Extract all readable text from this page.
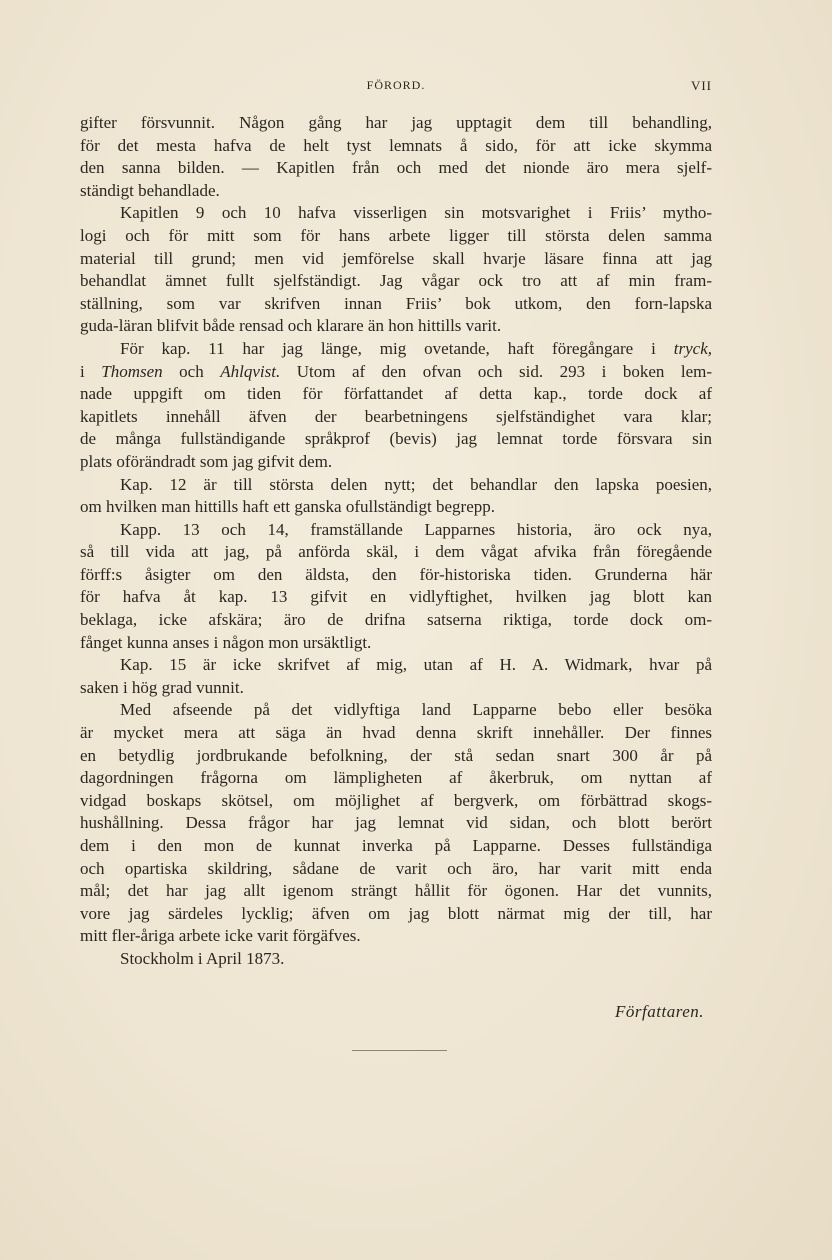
FÖRORD.	VII
gifter försvunnit. Någon gång har jag upptagit dem till behandling,
för det mesta hafva de helt tyst lemnats å sido, för att icke skymma
den sanna bilden. — Kapitlen från och med det nionde äro mera sjelf-
ständigt behandlade.
Kapitlen 9 och 10 hafva visserligen sin motsvarighet i Friis’ mytho-
logi och för mitt som för hans arbete ligger till största delen samma
material till grund; men vid jemförelse skall hvarje läsare finna att jag
behandlat ämnet fullt sjelfständigt. Jag vågar ock tro att af min fram-
ställning, som var skrifven innan Friis’ bok utkom, den forn-lapska
guda-läran blifvit både rensad och klarare än hon hittills varit.
För kap. 11 har jag länge, mig ovetande, haft föregångare i tryck,
i Thomsen och Ahlqvist. Utom af den ofvan och sid. 293 i boken lem-
nade uppgift om tiden för författandet af detta kap., torde dock af
kapitlets innehåll äfven der bearbetningens sjelfständighet vara klar;
de många fullständigande språkprof (bevis) jag lemnat torde försvara sin
plats oförändradt som jag gifvit dem.
Kap. 12 är till största delen nytt; det behandlar den lapska poesien,
om hvilken man hittills haft ett ganska ofullständigt begrepp.
Kapp. 13 och 14, framställande Lapparnes historia, äro ock nya,
så till vida att jag, på anförda skäl, i dem vågat afvika från föregående
förff:s åsigter om den äldsta, den för-historiska tiden. Grunderna här
för hafva åt kap. 13 gifvit en vidlyftighet, hvilken jag blott kan
beklaga, icke afskära; äro de drifna satserna riktiga, torde dock om-
fånget kunna anses i någon mon ursäktligt.
Kap. 15 är icke skrifvet af mig, utan af H. A. Widmark, hvar på
saken i hög grad vunnit.
Med afseende på det vidlyftiga land Lapparne bebo eller besöka
är mycket mera att säga än hvad denna skrift innehåller. Der finnes
en betydlig jordbrukande befolkning, der stå sedan snart 300 år på
dagordningen frågorna om lämpligheten af åkerbruk, om nyttan af
vidgad boskaps skötsel, om möjlighet af bergverk, om förbättrad skogs-
hushållning. Dessa frågor har jag lemnat vid sidan, och blott berört
dem i den mon de kunnat inverka på Lapparne. Desses fullständiga
och opartiska skildring, sådane de varit och äro, har varit mitt enda
mål; det har jag allt igenom strängt hållit för ögonen. Har det vunnits,
vore jag särdeles lycklig; äfven om jag blott närmat mig der till, har
mitt fler-åriga arbete icke varit förgäfves.
Stockholm i April 1873.
Författaren.
